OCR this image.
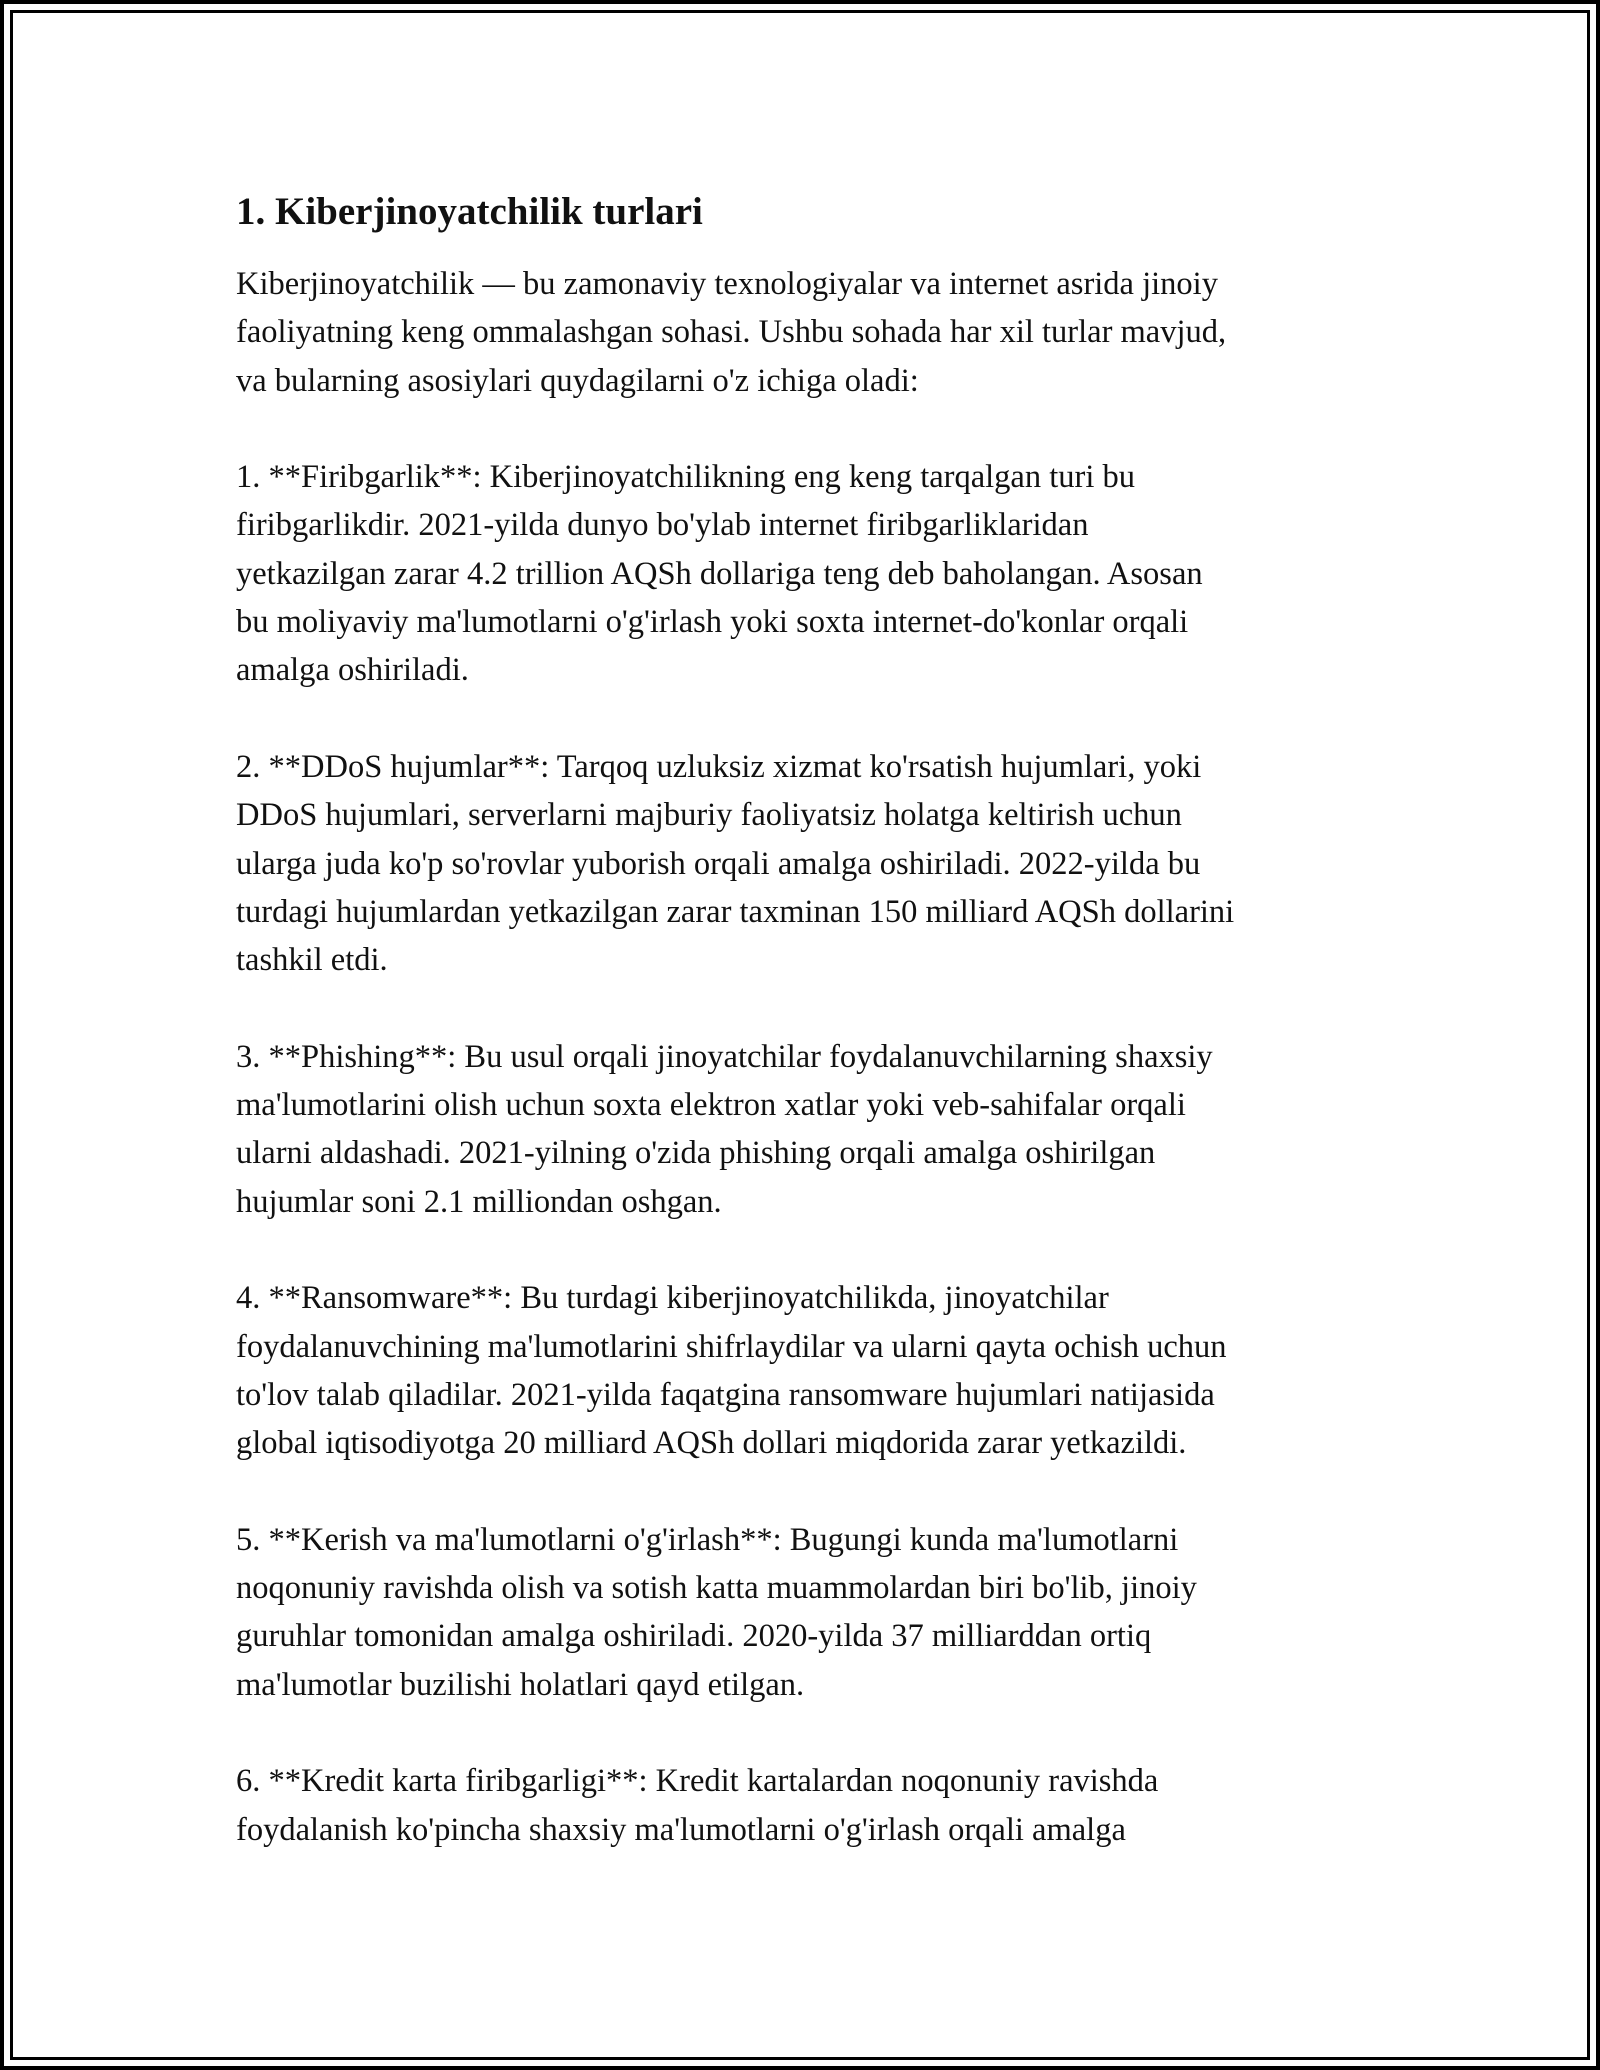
1. Kiberjinoyatchilik turlari
Kiberjinoyatchilik — bu zamonaviy texnologiyalar va internet asrida jinoiy
faoliyatning keng ommalashgan sohasi. Ushbu sohada har xil turlar mavjud,
va bularning asosiylari quydagilarni o'z ichiga oladi:
1. **Firibgarlik**: Kiberjinoyatchilikning eng keng tarqalgan turi bu
firibgarlikdir. 2021-yilda dunyo bo'ylab internet firibgarliklaridan
yetkazilgan zarar 4.2 trillion AQSh dollariga teng deb baholangan. Asosan
bu moliyaviy ma'lumotlarni o'g'irlash yoki soxta internet-do'konlar orqali
amalga oshiriladi.
2. **DDoS hujumlar**: Tarqoq uzluksiz xizmat ko'rsatish hujumlari, yoki
DDoS hujumlari, serverlarni majburiy faoliyatsiz holatga keltirish uchun
ularga juda ko'p so'rovlar yuborish orqali amalga oshiriladi. 2022-yilda bu
turdagi hujumlardan yetkazilgan zarar taxminan 150 milliard AQSh dollarini
tashkil etdi.
3. **Phishing**: Bu usul orqali jinoyatchilar foydalanuvchilarning shaxsiy
ma'lumotlarini olish uchun soxta elektron xatlar yoki veb-sahifalar orqali
ularni aldashadi. 2021-yilning o'zida phishing orqali amalga oshirilgan
hujumlar soni 2.1 milliondan oshgan.
4. **Ransomware**: Bu turdagi kiberjinoyatchilikda, jinoyatchilar
foydalanuvchining ma'lumotlarini shifrlaydilar va ularni qayta ochish uchun
to'lov talab qiladilar. 2021-yilda faqatgina ransomware hujumlari natijasida
global iqtisodiyotga 20 milliard AQSh dollari miqdorida zarar yetkazildi.
5. **Kerish va ma'lumotlarni o'g'irlash**: Bugungi kunda ma'lumotlarni
noqonuniy ravishda olish va sotish katta muammolardan biri bo'lib, jinoiy
guruhlar tomonidan amalga oshiriladi. 2020-yilda 37 milliarddan ortiq
ma'lumotlar buzilishi holatlari qayd etilgan.
6. **Kredit karta firibgarligi**: Kredit kartalardan noqonuniy ravishda
foydalanish ko'pincha shaxsiy ma'lumotlarni o'g'irlash orqali amalga
